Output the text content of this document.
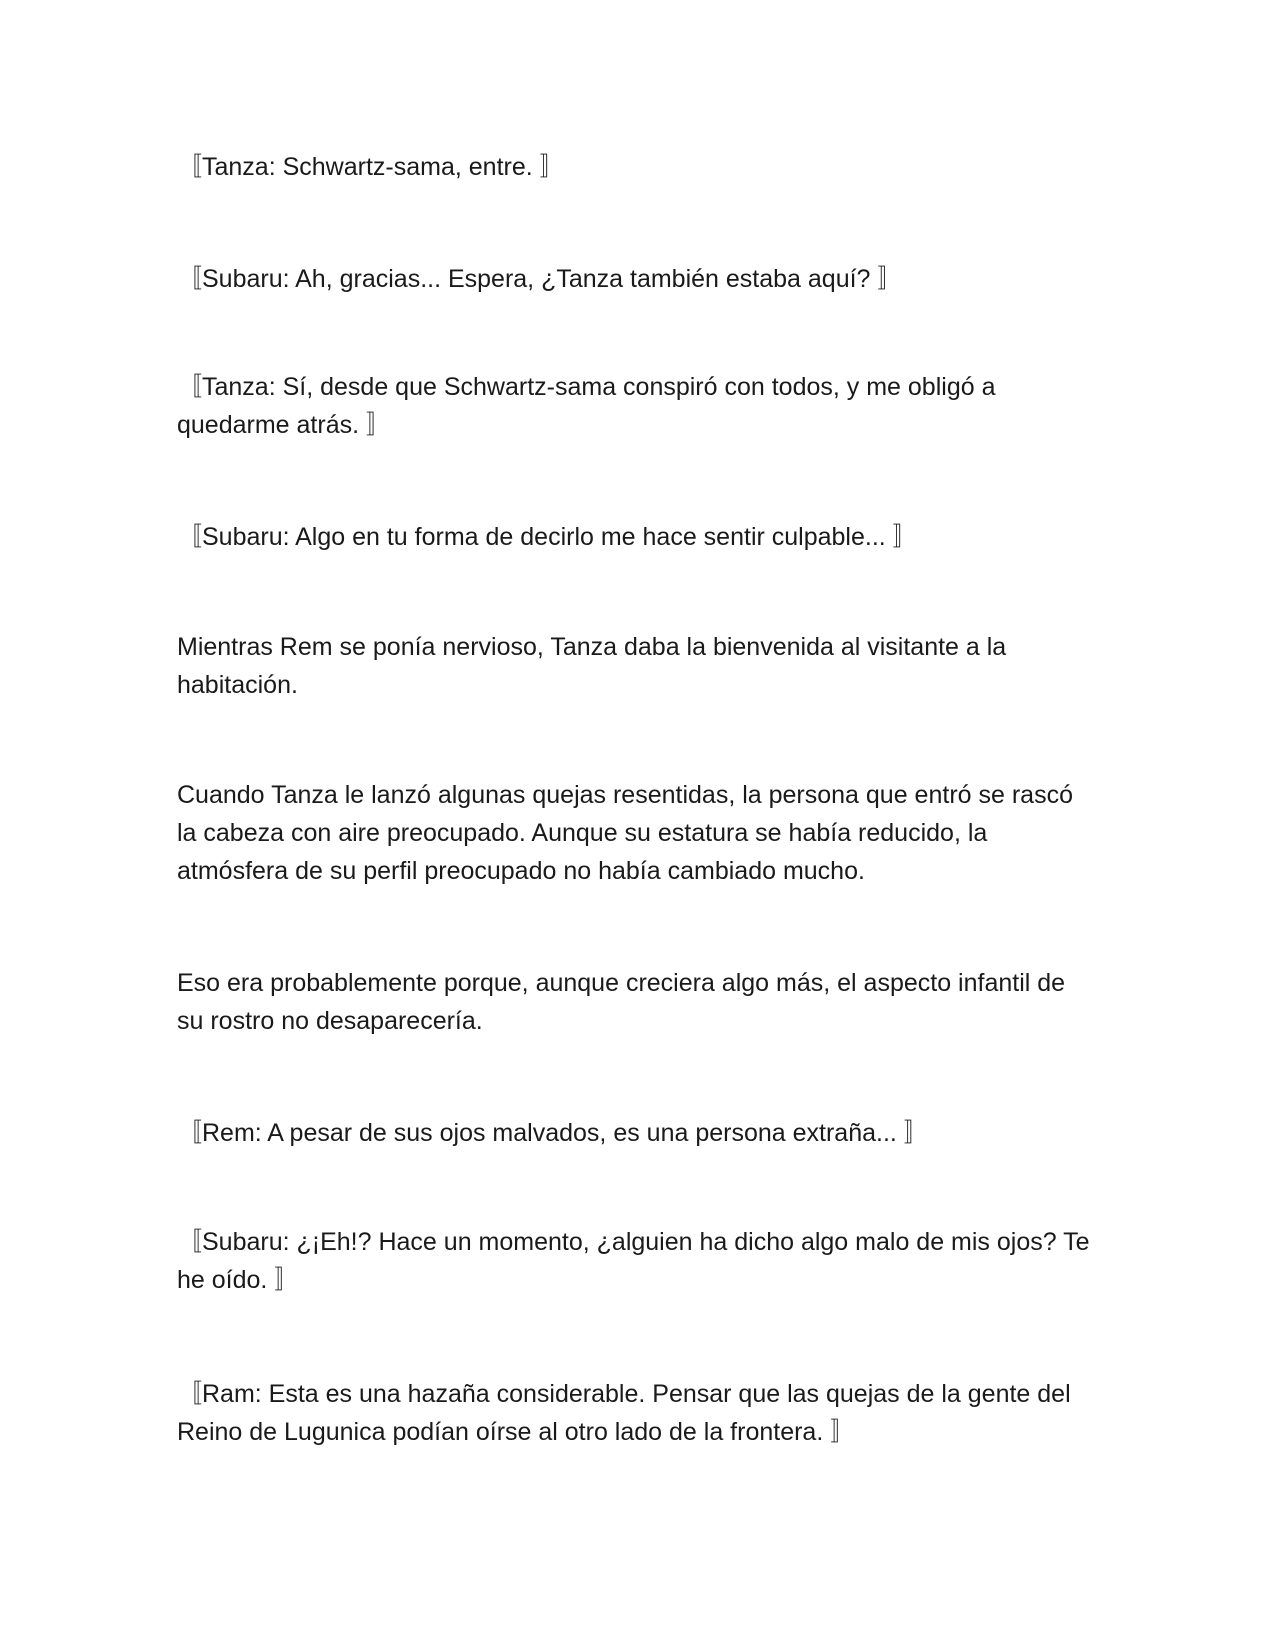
〚Tanza: Schwartz-sama, entre. 〛

〚Subaru: Ah, gracias... Espera, ¿Tanza también estaba aquí? 〛

〚Tanza: Sí, desde que Schwartz-sama conspiró con todos, y me obligó a quedarme atrás. 〛

〚Subaru: Algo en tu forma de decirlo me hace sentir culpable... 〛

Mientras Rem se ponía nervioso, Tanza daba la bienvenida al visitante a la habitación.

Cuando Tanza le lanzó algunas quejas resentidas, la persona que entró se rascó la cabeza con aire preocupado. Aunque su estatura se había reducido, la atmósfera de su perfil preocupado no había cambiado mucho.

Eso era probablemente porque, aunque creciera algo más, el aspecto infantil de su rostro no desaparecería.

〚Rem: A pesar de sus ojos malvados, es una persona extraña... 〛

〚Subaru: ¿¡Eh!? Hace un momento, ¿alguien ha dicho algo malo de mis ojos? Te he oído. 〛

〚Ram: Esta es una hazaña considerable. Pensar que las quejas de la gente del Reino de Lugunica podían oírse al otro lado de la frontera. 〛
